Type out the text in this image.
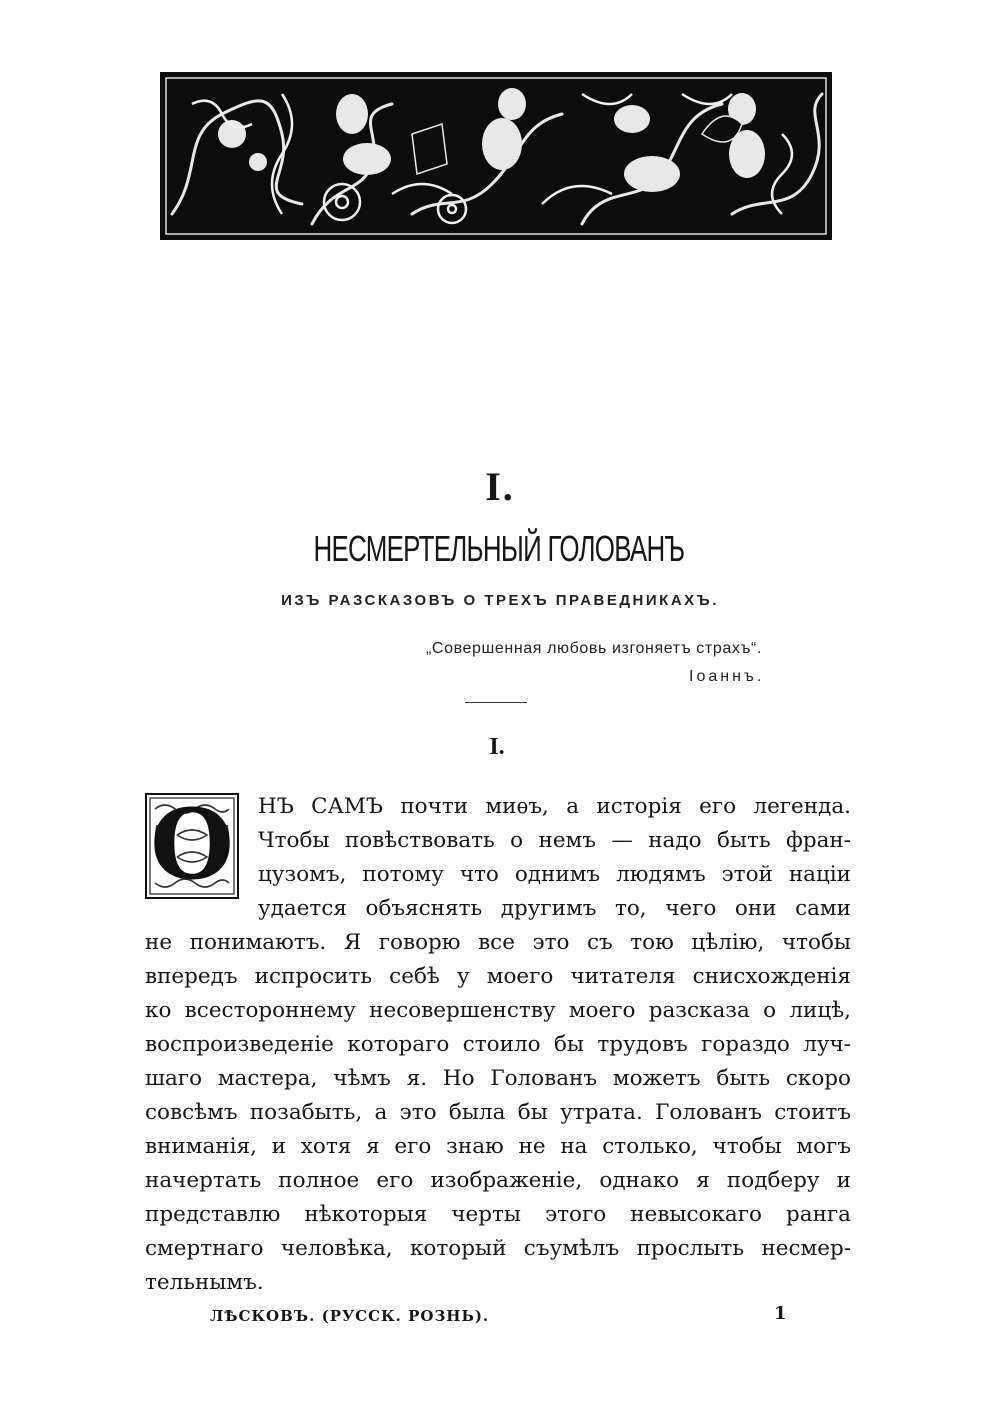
I.
НЕСМЕРТЕЛЬНЫЙ ГОЛОВАНЪ
ИЗЪ РАЗСКАЗОВЪ О ТРЕХЪ ПРАВЕДНИКАХЪ.
„Совершенная любовь изгоняетъ страхъ“.
Іоаннъ.
I.
О	НЪ САМЪ почти миѳъ, а исторія его легенда.
Чтобы повѣствовать о немъ — надо быть фран-
цузомъ, потому что однимъ людямъ этой націи
удается объяснять другимъ то, чего они сами
не понимаютъ. Я говорю все это съ тою цѣлію, чтобы
впередъ испросить себѣ у моего читателя снисхожденія
ко всестороннему несовершенству моего разсказа о лицѣ,
воспроизведеніе котораго стоило бы трудовъ гораздо луч-
шаго мастера, чѣмъ я. Но Голованъ можетъ быть скоро
совсѣмъ позабыть, а это была бы утрата. Голованъ стоитъ
вниманія, и хотя я его знаю не на столько, чтобы могъ
начертать полное его изображеніе, однако я подберу и
представлю нѣкоторыя черты этого невысокаго ранга
смертнаго человѣка, который съумѣлъ прослыть несмер-
тельнымъ.
ЛѢСКОВЪ. (РУССК. РОЗНЬ).	1
